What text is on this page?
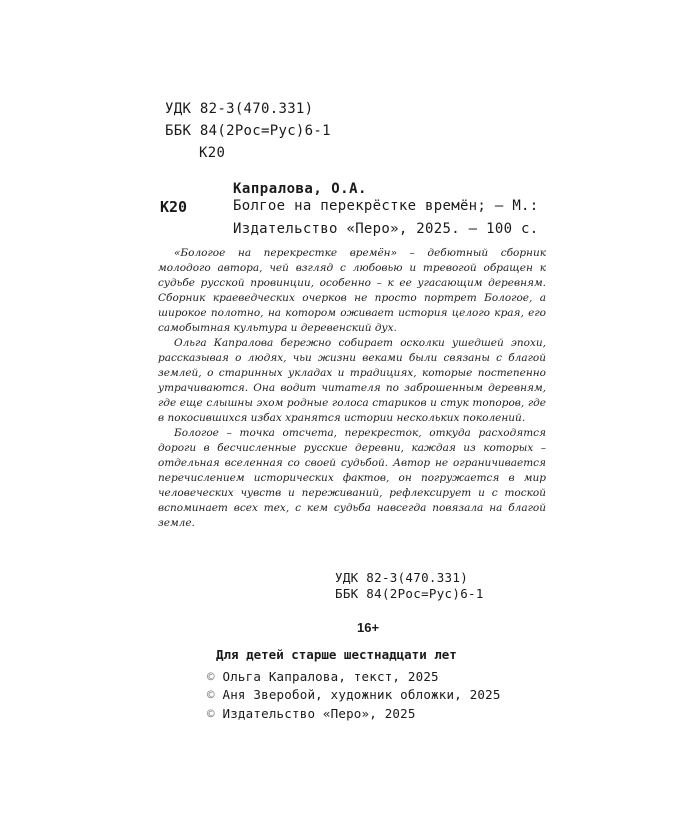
УДК 82-3(470.331)
ББК 84(2Рос=Рус)6-1
К20
Капралова, О.А.
К20	Болгое на перекрёстке времён; — М.:
Издательство «Перо», 2025. — 100 с.

«Бологое на перекрестке времён» – дебютный сборник молодого автора, чей взгляд с любовью и тревогой обращен к судьбе русской провинции, особенно – к ее угасающим деревням. Сборник краеведческих очерков не просто портрет Бологое, а широкое полотно, на котором оживает история целого края, его самобытная культура и деревенский дух.

Ольга Капралова бережно собирает осколки ушедшей эпохи, рассказывая о людях, чьи жизни веками были связаны с благой землей, о старинных укладах и традициях, которые постепенно утрачиваются. Она водит читателя по заброшенным деревням, где еще слышны эхом родные голоса стариков и стук топоров, где в покосившихся избах хранятся истории нескольких поколений.

Бологое – точка отсчета, перекресток, откуда расходятся дороги в бесчисленные русские деревни, каждая из которых – отдельная вселенная со своей судьбой. Автор не ограничивается перечислением исторических фактов, он погружается в мир человеческих чувств и переживаний, рефлексирует и с тоской вспоминает всех тех, с кем судьба навсегда повязала на благой земле.

УДК 82-3(470.331)
ББК 84(2Рос=Рус)6-1
16+
Для детей старше шестнадцати лет
© Ольга Капралова, текст, 2025
© Аня Зверобой, художник обложки, 2025
© Издательство «Перо», 2025
